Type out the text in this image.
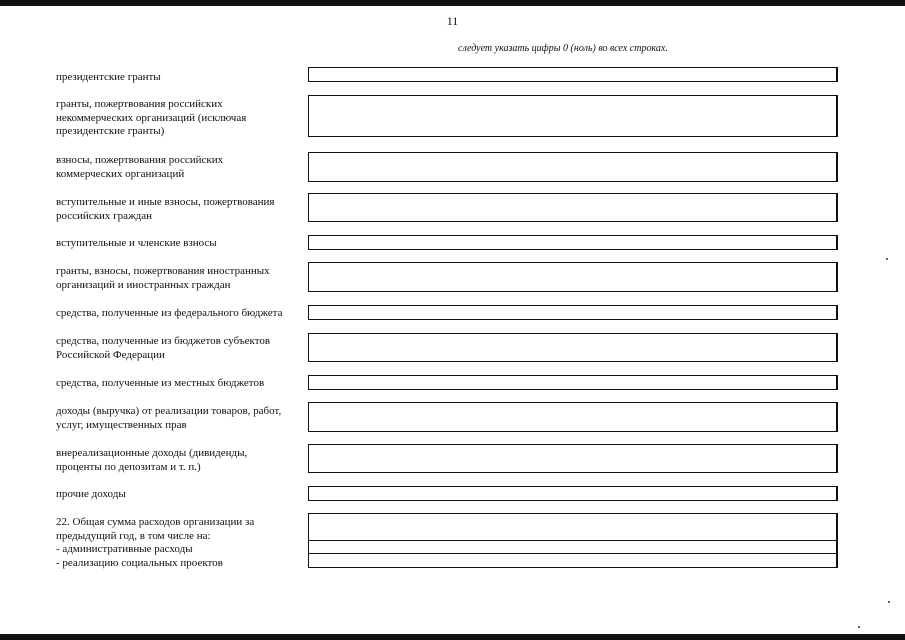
11
следует указать цифры 0 (ноль) во всех строках.
президентские гранты
гранты, пожертвования российских
некоммерческих организаций (исключая
президентские гранты)
взносы, пожертвования российских
коммерческих организаций
вступительные и иные взносы, пожертвования
российских граждан
вступительные и членские взносы
гранты, взносы, пожертвования иностранных
организаций и иностранных граждан
средства, полученные из федерального бюджета
средства, полученные из бюджетов субъектов
Российской Федерации
средства, полученные из местных бюджетов
доходы (выручка) от реализации товаров, работ,
услуг, имущественных прав
внереализационные доходы (дивиденды,
проценты по депозитам и т. п.)
прочие доходы
22. Общая сумма расходов организации за
предыдущий год, в том числе на:
- административные расходы
- реализацию социальных проектов
